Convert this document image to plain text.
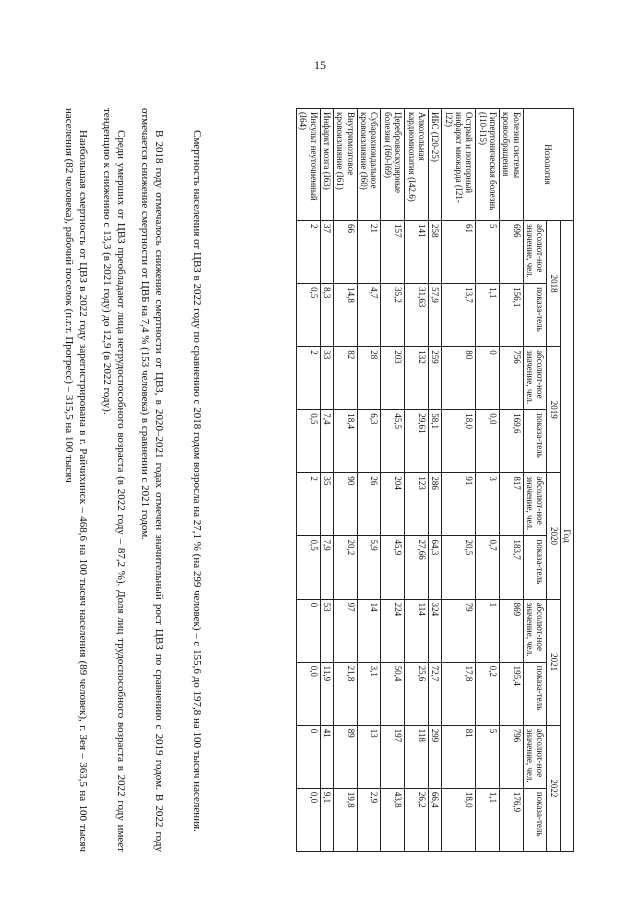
15
Нозология	Год									
	2018		2019		2020		2021		2022	
	абсолют-ное значение, чел.	показа-тель	абсолют-ное значение, чел.	показа-тель	абсолют-ное значение, чел.	показа-тель	абсолют-ное значение, чел.	показа-тель	абсолют-ное значение, чел.	показа-тель
Болезни системы кровообращения	696	156,1	756	169,6	817	183,7	869	195,4	796	176,9
Гипертоническая болезнь (I10-I15)	5	1,1	0	0,0	3	0,7	1	0,2	5	1,1
Острый и повторный инфаркт миокарда (I21-I22)	61	13,7	80	18,0	91	20,5	79	17,8	81	18,0
ИБС (I20-25)	258	57,9	259	58,1	286	64,3	324	72,7	299	66,4
Алкогольная кардиомиопатия (I42.6)	141	31,63	132	29,61	123	27,66	114	25,6	118	26,2
Цереброваскулярные болезни (I60-I69)	157	35,2	203	45,5	204	45,9	224	50,4	197	43,8
Субарахноидальное кровоизлияние (I60)	21	4,7	28	6,3	26	5,9	14	3,1	13	2,9
Внутримозговое кровоизлияние (I61)	66	14,8	82	18,4	90	20,2	97	21,8	89	19,8
Инфаркт мозга (I63)	37	8,3	33	7,4	35	7,9	53	11,9	41	9,1
Инсульт неуточненный (I64)	2	0,5	2	0,5	2	0,5	0	0,0	0	0,0
Смертность населения от ЦВЗ в 2022 году по сравнению с 2018 годом возросла на 27,1 % (на 299 человек) – с 155,6 до 197,8 на 100 тысяч населения.
В 2018 году отмечалось снижение смертности от ЦВЗ, в 2020–2021 годах отмечен значительный рост ЦВЗ по сравнению с 2019 годом. В 2022 году отмечается снижение смертности от ЦВБ на 7,4 % (153 человека) в сравнении с 2021 годом.
Среди умерших от ЦВЗ преобладают лица нетрудоспособного возраста (в 2022 году – 87,2 %). Доля лиц трудоспособного возраста в 2022 году имеет тенденцию к снижению с 13,3 (в 2021 году) до 12,9 (в 2022 году).
Наибольшая смертность от ЦВЗ в 2022 году зарегистрирована в г. Райчихинск – 468,6 на 100 тысяч населения (89 человек), г. Зея – 363,5 на 100 тысяч населения (82 человека), рабочий поселок (п.г.т. Прогресс) – 315,5 на 100 тысяч
